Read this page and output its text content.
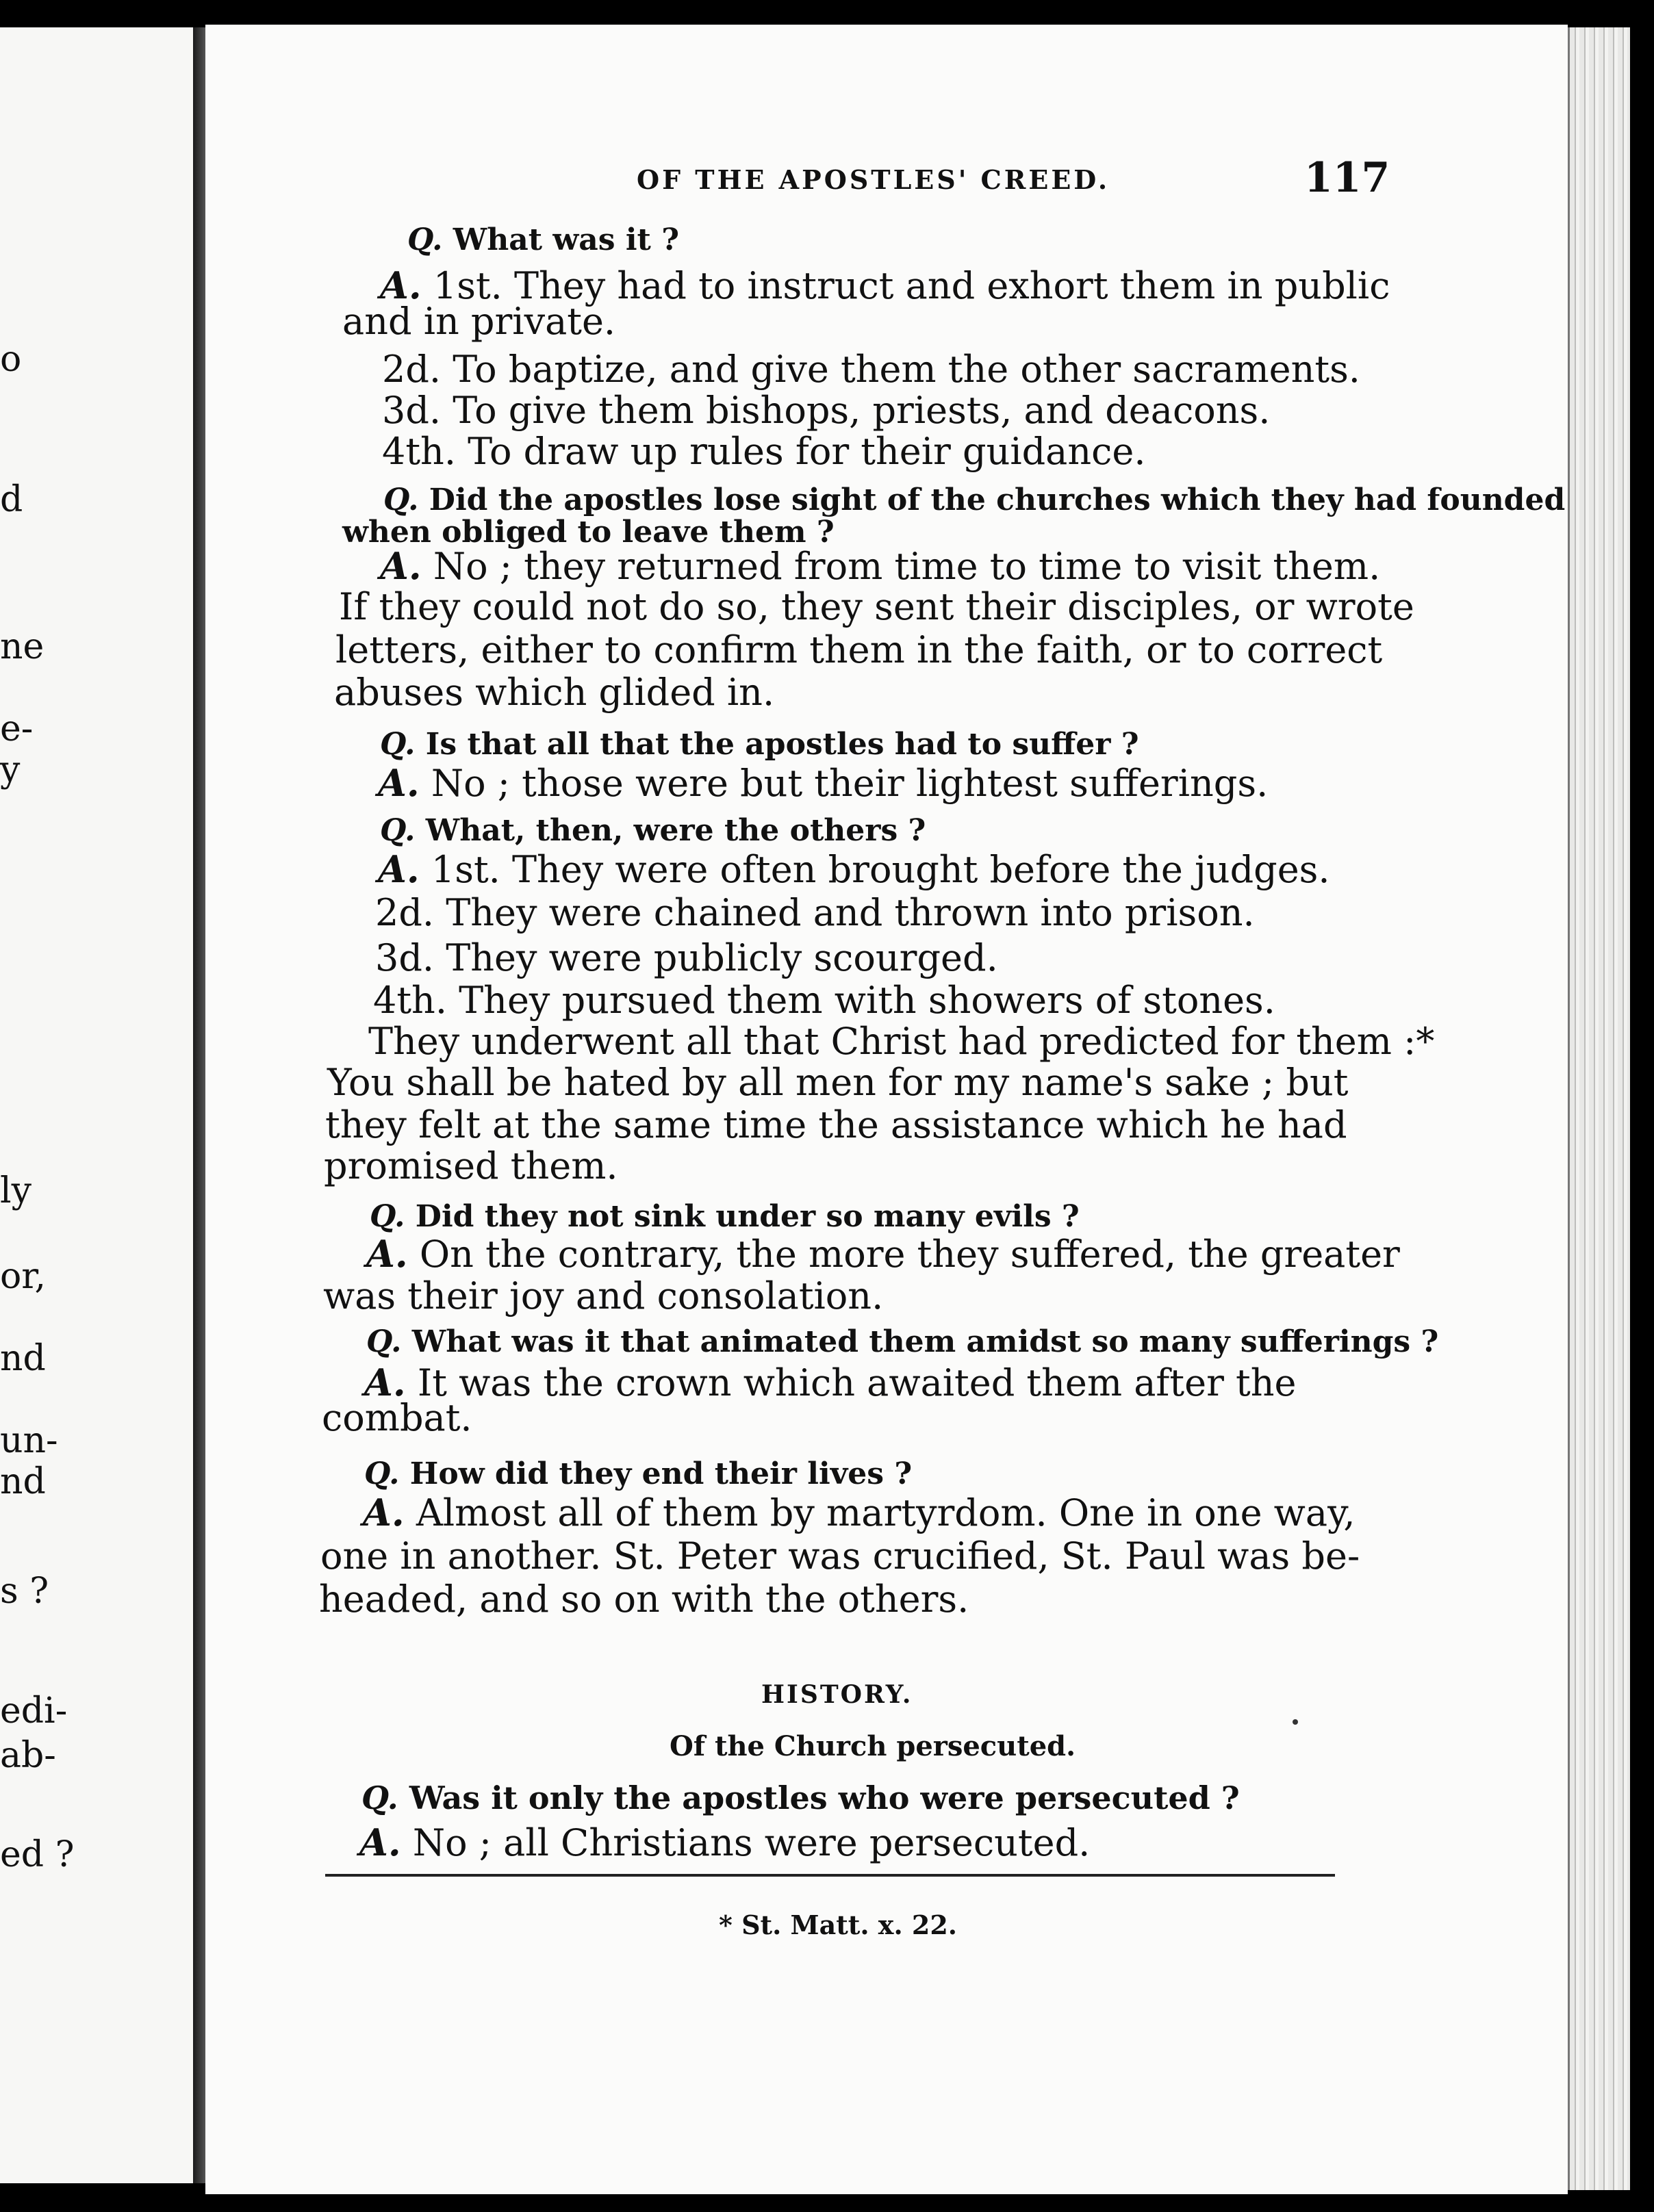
o
d
ne
e-
y
ly
or,
nd
un-
nd
s ?
edi-
ab-
ed ?
OF THE APOSTLES' CREED.	117
Q. What was it ?
A. 1st. They had to instruct and exhort them in public
and in private.
2d. To baptize, and give them the other sacraments.
3d. To give them bishops, priests, and deacons.
4th. To draw up rules for their guidance.
Q. Did the apostles lose sight of the churches which they had founded
when obliged to leave them ?
A. No ; they returned from time to time to visit them.
If they could not do so, they sent their disciples, or wrote
letters, either to confirm them in the faith, or to correct
abuses which glided in.
Q. Is that all that the apostles had to suffer ?
A. No ; those were but their lightest sufferings.
Q. What, then, were the others ?
A. 1st. They were often brought before the judges.
2d. They were chained and thrown into prison.
3d. They were publicly scourged.
4th. They pursued them with showers of stones.
They underwent all that Christ had predicted for them :*
You shall be hated by all men for my name's sake ; but
they felt at the same time the assistance which he had
promised them.
Q. Did they not sink under so many evils ?
A. On the contrary, the more they suffered, the greater
was their joy and consolation.
Q. What was it that animated them amidst so many sufferings ?
A. It was the crown which awaited them after the
combat.
Q. How did they end their lives ?
A. Almost all of them by martyrdom. One in one way,
one in another. St. Peter was crucified, St. Paul was be-
headed, and so on with the others.
HISTORY.
Of the Church persecuted.
Q. Was it only the apostles who were persecuted ?
A. No ; all Christians were persecuted.
* St. Matt. x. 22.
